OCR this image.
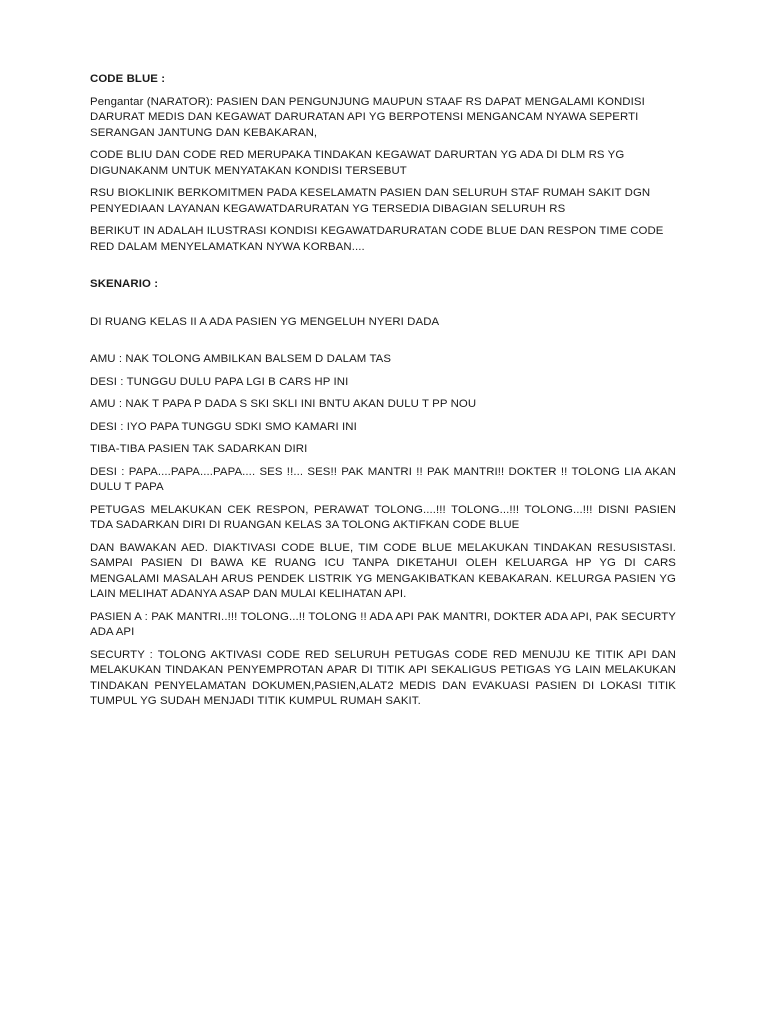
CODE BLUE :

Pengantar (NARATOR): PASIEN DAN PENGUNJUNG MAUPUN STAAF RS DAPAT MENGALAMI KONDISI DARURAT MEDIS DAN KEGAWAT DARURATAN API YG BERPOTENSI MENGANCAM NYAWA SEPERTI SERANGAN JANTUNG DAN KEBAKARAN,

CODE BLIU DAN CODE RED MERUPAKA TINDAKAN KEGAWAT DARURTAN YG ADA DI DLM RS YG DIGUNAKANM UNTUK MENYATAKAN KONDISI TERSEBUT

RSU BIOKLINIK BERKOMITMEN PADA KESELAMATN PASIEN DAN SELURUH STAF RUMAH SAKIT DGN PENYEDIAAN LAYANAN KEGAWATDARURATAN YG TERSEDIA DIBAGIAN SELURUH RS

BERIKUT IN ADALAH ILUSTRASI KONDISI KEGAWATDARURATAN CODE BLUE DAN RESPON TIME CODE RED DALAM MENYELAMATKAN NYWA KORBAN....

SKENARIO :

DI RUANG KELAS II A ADA PASIEN YG MENGELUH NYERI DADA

AMU : NAK TOLONG AMBILKAN BALSEM D DALAM TAS

DESI : TUNGGU DULU PAPA LGI B CARS HP INI

AMU : NAK T PAPA P DADA S SKI SKLI INI BNTU AKAN DULU T PP NOU

DESI : IYO PAPA TUNGGU SDKI SMO KAMARI INI

TIBA-TIBA PASIEN TAK SADARKAN DIRI

DESI : PAPA....PAPA....PAPA.... SES !!... SES!! PAK MANTRI !! PAK MANTRI!! DOKTER !! TOLONG LIA AKAN DULU T PAPA

PETUGAS MELAKUKAN CEK RESPON, PERAWAT TOLONG....!!! TOLONG...!!! TOLONG...!!! DISNI PASIEN TDA SADARKAN DIRI DI RUANGAN KELAS 3A TOLONG AKTIFKAN CODE BLUE

DAN BAWAKAN AED. DIAKTIVASI CODE BLUE, TIM CODE BLUE MELAKUKAN TINDAKAN RESUSISTASI. SAMPAI PASIEN DI BAWA KE RUANG ICU TANPA DIKETAHUI OLEH KELUARGA HP YG DI CARS MENGALAMI MASALAH ARUS PENDEK LISTRIK YG MENGAKIBATKAN KEBAKARAN. KELURGA PASIEN YG LAIN MELIHAT ADANYA ASAP DAN MULAI KELIHATAN API.

PASIEN A : PAK MANTRI..!!! TOLONG...!! TOLONG !! ADA API PAK MANTRI, DOKTER ADA API, PAK SECURTY ADA API

SECURTY : TOLONG AKTIVASI CODE RED SELURUH PETUGAS CODE RED MENUJU KE TITIK API DAN MELAKUKAN TINDAKAN PENYEMPROTAN APAR DI TITIK API SEKALIGUS PETIGAS YG LAIN MELAKUKAN TINDAKAN PENYELAMATAN DOKUMEN,PASIEN,ALAT2 MEDIS DAN EVAKUASI PASIEN DI LOKASI TITIK TUMPUL YG SUDAH MENJADI TITIK KUMPUL RUMAH SAKIT.
